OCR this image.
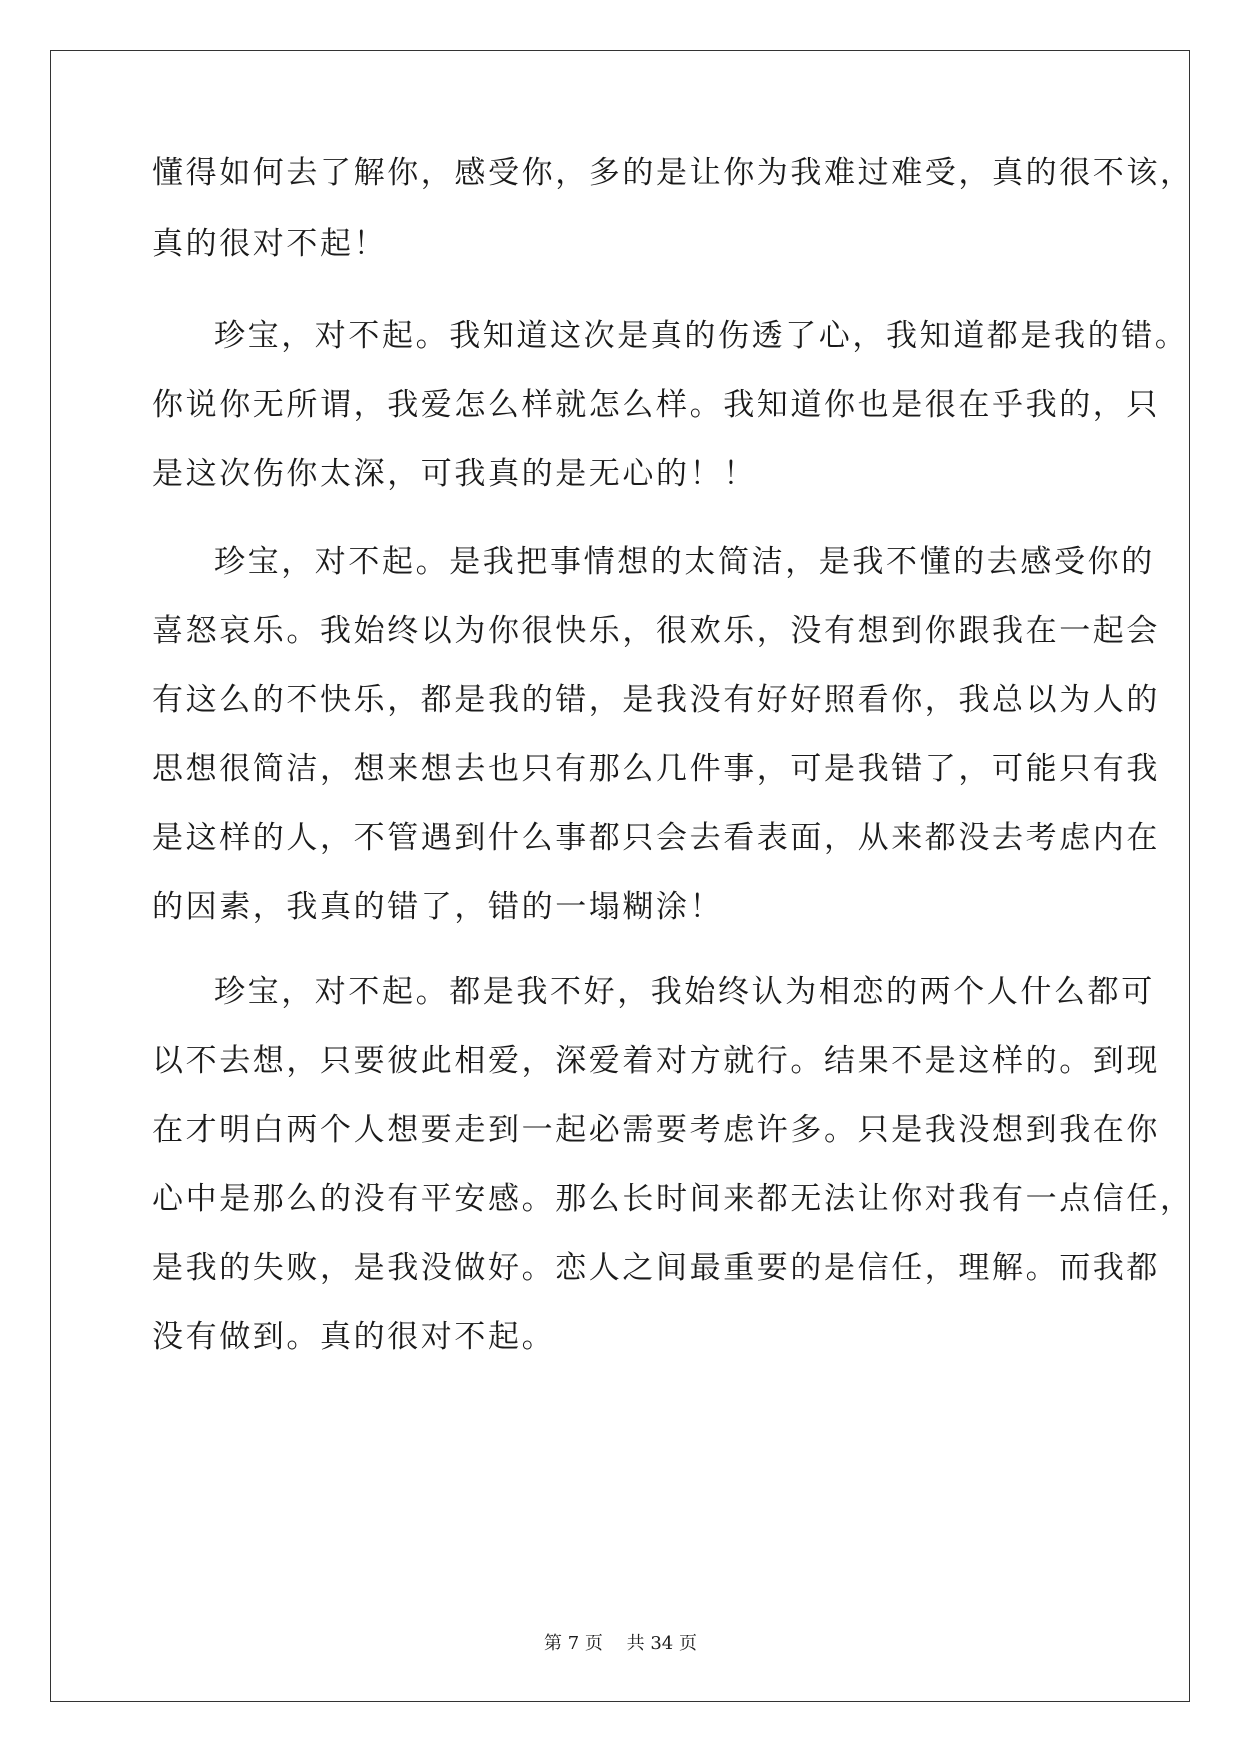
懂得如何去了解你，感受你，多的是让你为我难过难受，真的很不该，
真的很对不起！
珍宝，对不起。我知道这次是真的伤透了心，我知道都是我的错。
你说你无所谓，我爱怎么样就怎么样。我知道你也是很在乎我的，只
是这次伤你太深，可我真的是无心的！！
珍宝，对不起。是我把事情想的太简洁，是我不懂的去感受你的
喜怒哀乐。我始终以为你很快乐，很欢乐，没有想到你跟我在一起会
有这么的不快乐，都是我的错，是我没有好好照看你，我总以为人的
思想很简洁，想来想去也只有那么几件事，可是我错了，可能只有我
是这样的人，不管遇到什么事都只会去看表面，从来都没去考虑内在
的因素，我真的错了，错的一塌糊涂！
珍宝，对不起。都是我不好，我始终认为相恋的两个人什么都可
以不去想，只要彼此相爱，深爱着对方就行。结果不是这样的。到现
在才明白两个人想要走到一起必需要考虑许多。只是我没想到我在你
心中是那么的没有平安感。那么长时间来都无法让你对我有一点信任，
是我的失败，是我没做好。恋人之间最重要的是信任，理解。而我都
没有做到。真的很对不起。
第 7 页　 共 34 页
